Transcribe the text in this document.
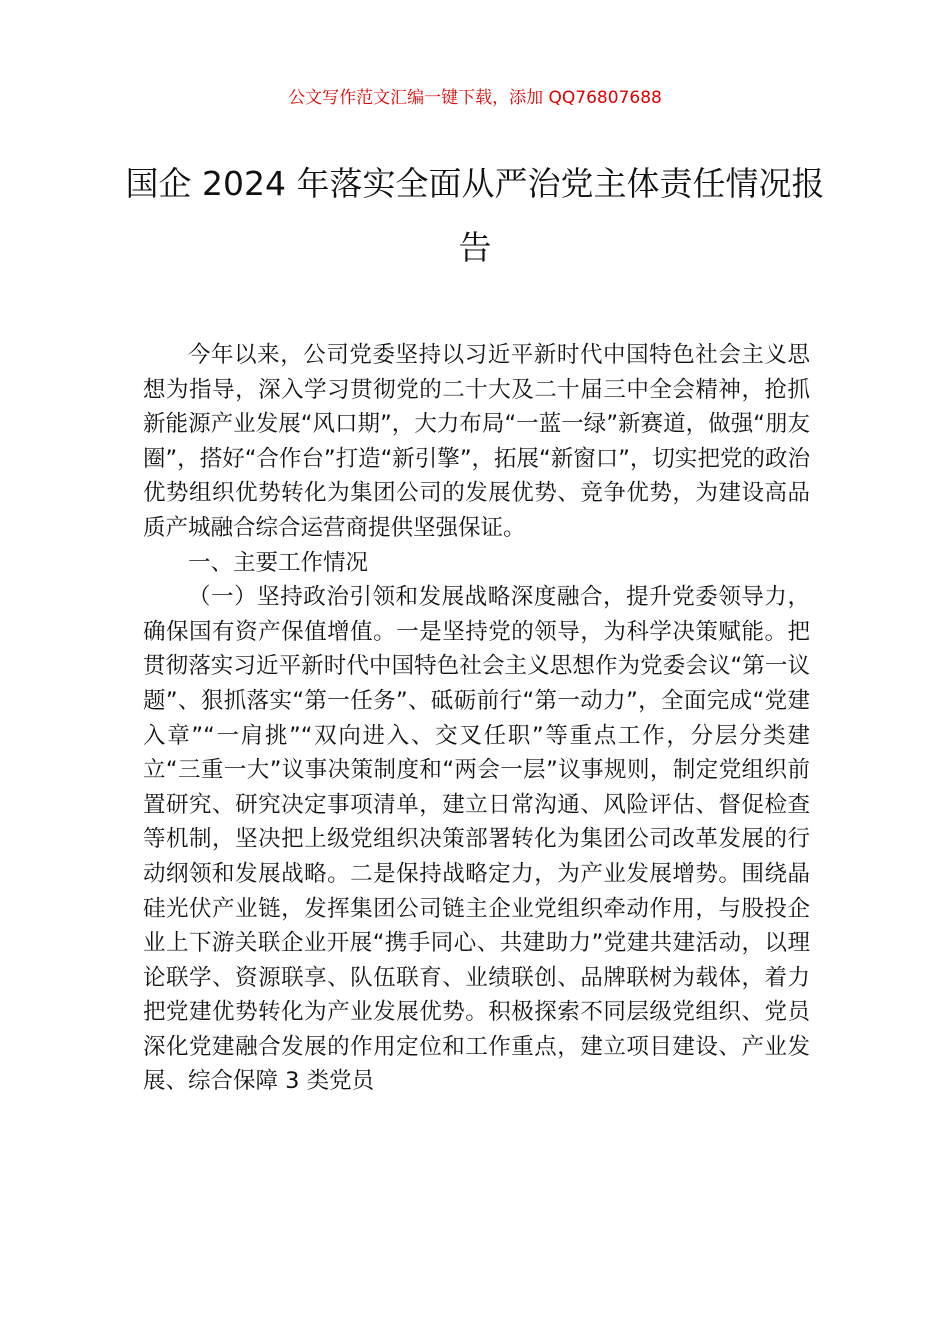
公文写作范文汇编一键下载，添加 QQ76807688
国企 2024 年落实全面从严治党主体责任情况报告

今年以来，公司党委坚持以习近平新时代中国特色社会主义思想为指导，深入学习贯彻党的二十大及二十届三中全会精神，抢抓新能源产业发展“风口期”，大力布局“一蓝一绿”新赛道，做强“朋友圈”，搭好“合作台”打造“新引擎”，拓展“新窗口”，切实把党的政治优势组织优势转化为集团公司的发展优势、竞争优势，为建设高品质产城融合综合运营商提供坚强保证。

一、主要工作情况

（一）坚持政治引领和发展战略深度融合，提升党委领导力，确保国有资产保值增值。一是坚持党的领导，为科学决策赋能。把贯彻落实习近平新时代中国特色社会主义思想作为党委会议“第一议题”、狠抓落实“第一任务”、砥砺前行“第一动力”，全面完成“党建入章”“一肩挑”“双向进入、交叉任职”等重点工作，分层分类建立“三重一大”议事决策制度和“两会一层”议事规则，制定党组织前置研究、研究决定事项清单，建立日常沟通、风险评估、督促检查等机制，坚决把上级党组织决策部署转化为集团公司改革发展的行动纲领和发展战略。二是保持战略定力，为产业发展增势。围绕晶硅光伏产业链，发挥集团公司链主企业党组织牵动作用，与股投企业上下游关联企业开展“携手同心、共建助力”党建共建活动，以理论联学、资源联享、队伍联育、业绩联创、品牌联树为载体，着力把党建优势转化为产业发展优势。积极探索不同层级党组织、党员深化党建融合发展的作用定位和工作重点，建立项目建设、产业发展、综合保障 3 类党员
